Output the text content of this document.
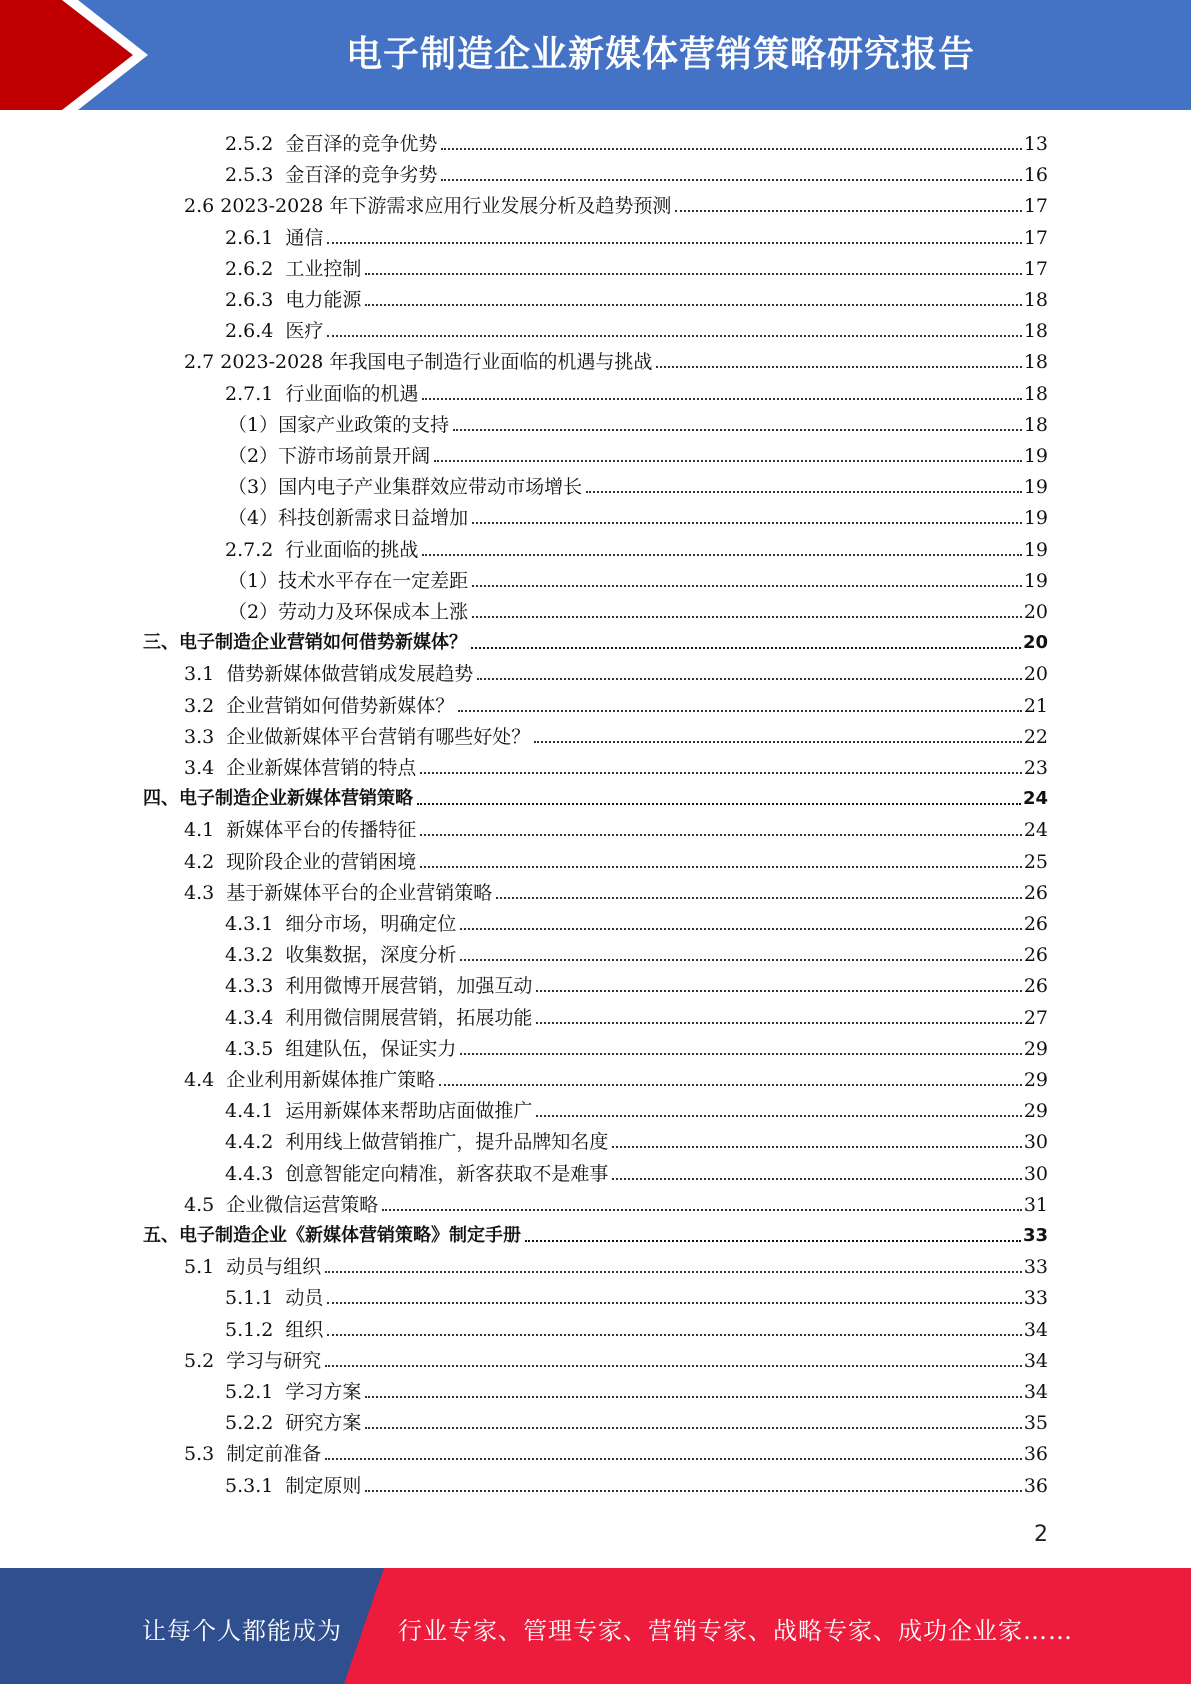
电子制造企业新媒体营销策略研究报告
2.5.2  金百泽的竞争优势	13
2.5.3  金百泽的竞争劣势	16
2.6 2023-2028 年下游需求应用行业发展分析及趋势预测	17
2.6.1  通信	17
2.6.2  工业控制	17
2.6.3  电力能源	18
2.6.4  医疗	18
2.7 2023-2028 年我国电子制造行业面临的机遇与挑战	18
2.7.1  行业面临的机遇	18
（1）国家产业政策的支持	18
（2）下游市场前景开阔	19
（3）国内电子产业集群效应带动市场增长	19
（4）科技创新需求日益增加	19
2.7.2  行业面临的挑战	19
（1）技术水平存在一定差距	19
（2）劳动力及环保成本上涨	20
三、电子制造企业营销如何借势新媒体？	20
3.1  借势新媒体做营销成发展趋势	20
3.2  企业营销如何借势新媒体？	21
3.3  企业做新媒体平台营销有哪些好处？	22
3.4  企业新媒体营销的特点	23
四、电子制造企业新媒体营销策略	24
4.1  新媒体平台的传播特征	24
4.2  现阶段企业的营销困境	25
4.3  基于新媒体平台的企业营销策略	26
4.3.1  细分市场，明确定位	26
4.3.2  收集数据，深度分析	26
4.3.3  利用微博开展营销，加强互动	26
4.3.4  利用微信開展营销，拓展功能	27
4.3.5  组建队伍，保证实力	29
4.4  企业利用新媒体推广策略	29
4.4.1  运用新媒体来帮助店面做推广	29
4.4.2  利用线上做营销推广，提升品牌知名度	30
4.4.3  创意智能定向精准，新客获取不是难事	30
4.5  企业微信运营策略	31
五、电子制造企业《新媒体营销策略》制定手册	33
5.1  动员与组织	33
5.1.1  动员	33
5.1.2  组织	34
5.2  学习与研究	34
5.2.1  学习方案	34
5.2.2  研究方案	35
5.3  制定前准备	36
5.3.1  制定原则	36
2
让每个人都能成为 行业专家、管理专家、营销专家、战略专家、成功企业家……
